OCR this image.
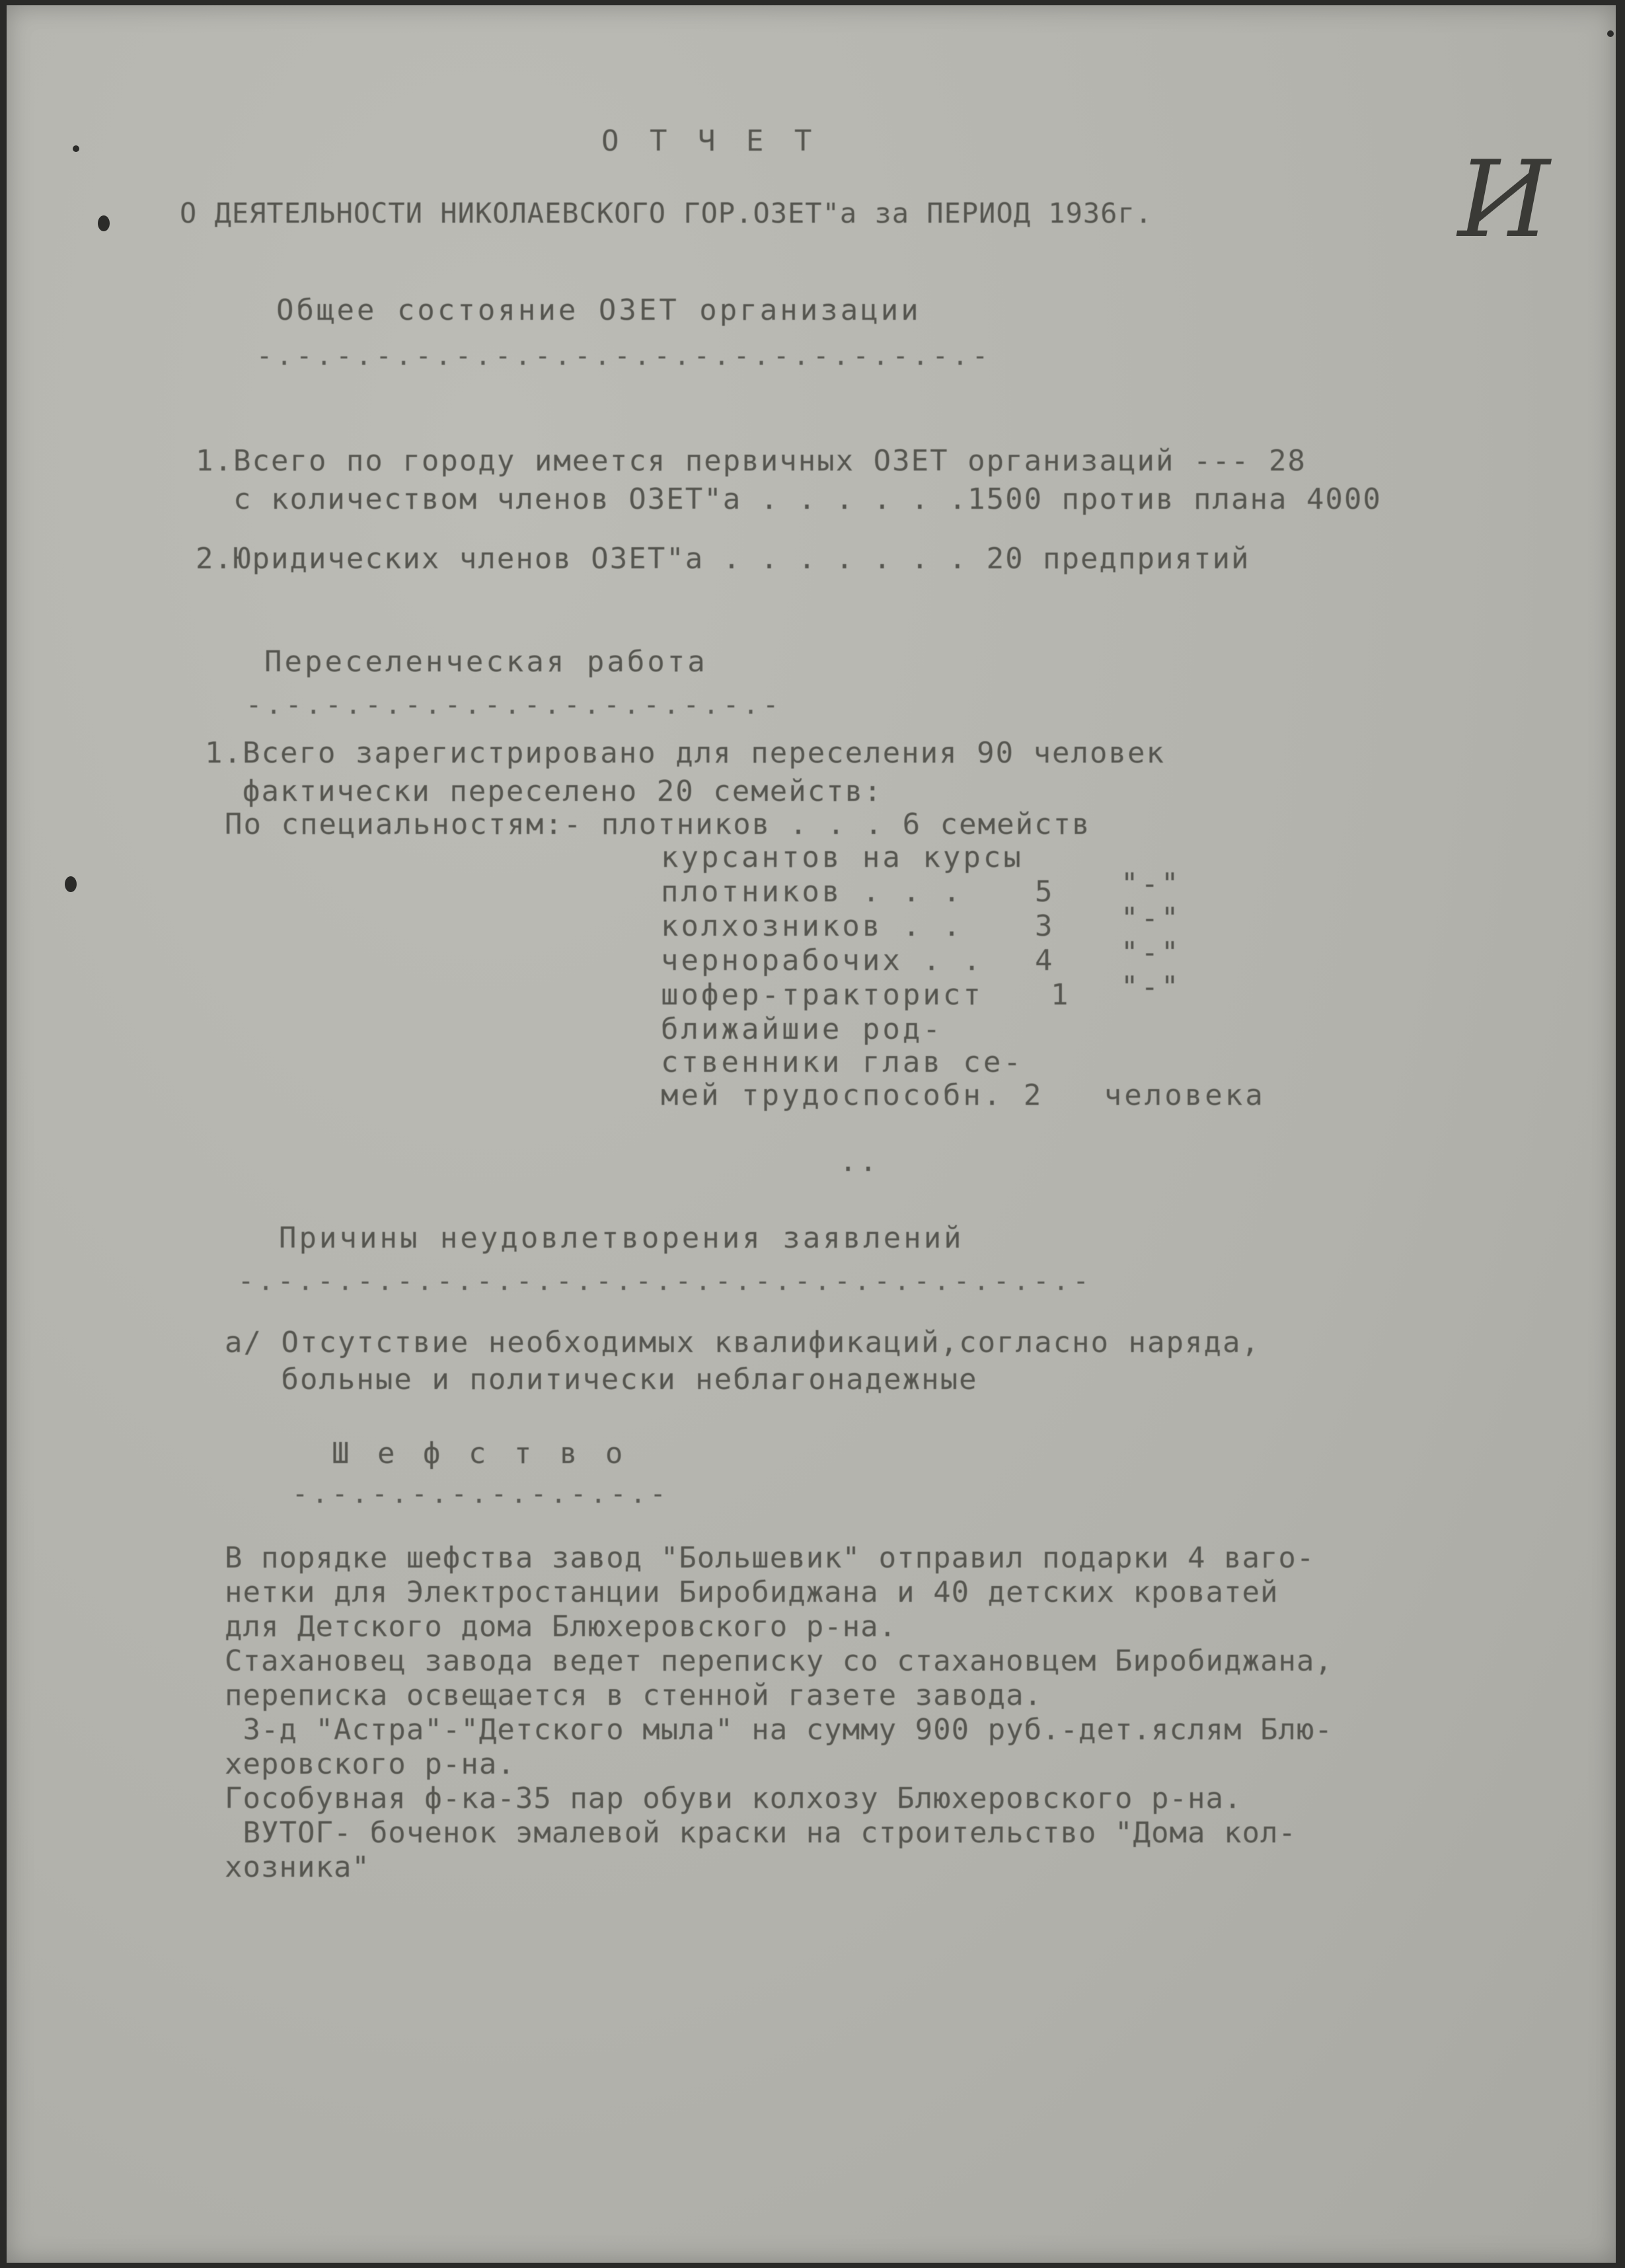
О Т Ч Е Т
О ДЕЯТЕЛЬНОСТИ НИКОЛАЕВСКОГО ГОР.ОЗЕТ"а за ПЕРИОД 1936г.	И
Общее состояние ОЗЕТ организации
-.-.-.-.-.-.-.-.-.-.-.-.-.-.-.-.-.-.-
1.Всего по городу имеется первичных ОЗЕТ организаций --- 28
с количеством членов ОЗЕТ"а . . . . . .1500 против плана 4000
2.Юридических членов ОЗЕТ"а . . . . . . . 20 предприятий
Переселенческая работа
-.-.-.-.-.-.-.-.-.-.-.-.-.-
1.Всего зарегистрировано для переселения 90 человек
фактически переселено 20 семейств:
По специальностям:- плотников . . . 6 семейств
курсантов на курсы
плотников . . . 5 "-"
колхозников . . 3 "-"
чернорабочих . . 4 "-"
шофер-тракторист 1 "-"
ближайшие род-
ственники глав се-
мей трудоспособн. 2   человека
..
Причины неудовлетворения заявлений
-.-.-.-.-.-.-.-.-.-.-.-.-.-.-.-.-.-.-.-.-.-
а/ Отсутствие необходимых квалификаций,согласно наряда,
больные и политически неблагонадежные
Ш е ф с т в о
-.-.-.-.-.-.-.-.-.-
В порядке шефства завод "Большевик" отправил подарки 4 ваго-
нетки для Электростанции Биробиджана и 40 детских кроватей
для Детского дома Блюхеровского р-на.
Стахановец завода ведет переписку со стахановцем Биробиджана,
переписка освещается в стенной газете завода.
З-д "Астра"-"Детского мыла" на сумму 900 руб.-дет.яслям Блю-
херовского р-на.
Гособувная ф-ка-35 пар обуви колхозу Блюхеровского р-на.
ВУТОГ- боченок эмалевой краски на строительство "Дома кол-
хозника"
